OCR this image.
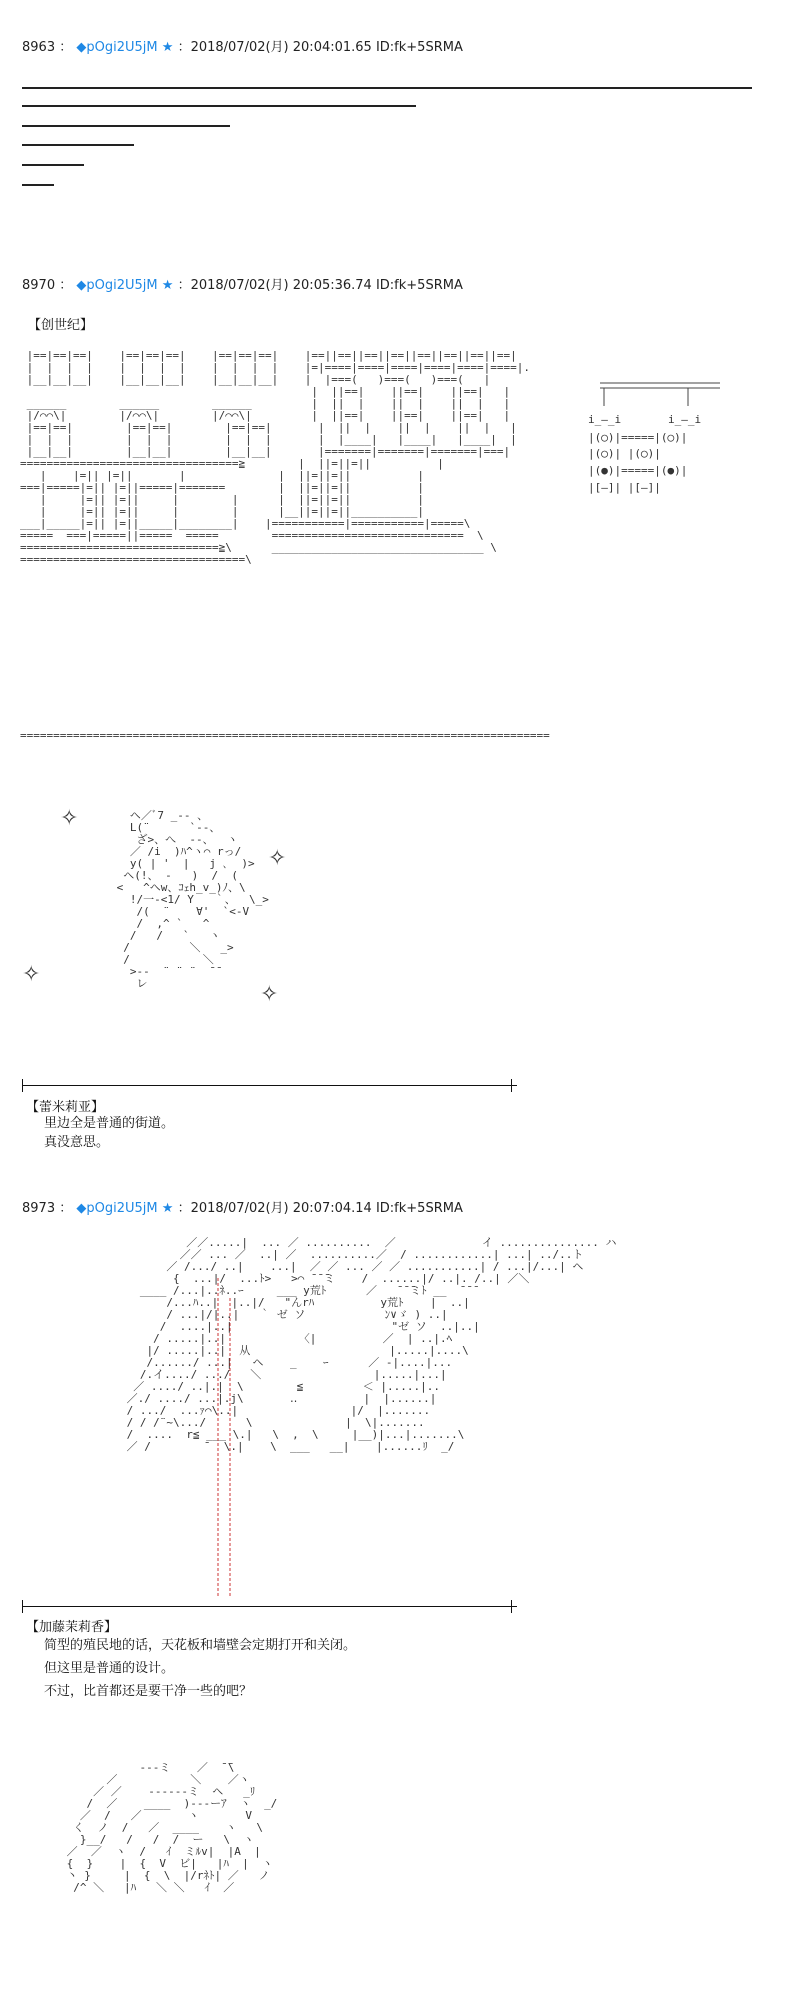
8963 ： ◆pOgi2U5jM ★ ：2018/07/02(月) 20:04:01.65 ID:fk+5SRMA
8970 ： ◆pOgi2U5jM ★ ：2018/07/02(月) 20:05:36.74 ID:fk+5SRMA
【创世纪】
|==|==|==|    |==|==|==|    |==|==|==|    |==||==||==||==||==||==||==||==|
|  |  |  |    |  |  |  |    |  |  |  |    |=|====|====|====|====|====|====|.
|__|__|__|    |__|__|__|    |__|__|__|    |  |===(   )===(   )===(   |
|  ||==|    ||==|    ||==|   |
______        ______        ______         |  ||  |    ||  |    ||  |   |
|/⌒⌒\|        |/⌒⌒\|        |/⌒⌒\|         |  ||==|    ||==|    ||==|   |
|==|==|        |==|==|        |==|==|       |  ||  |    ||  |    ||  |   |
|  |  |        |  |  |        |  |  |       |  |____|   |____|   |____|  |
|__|__|        |__|__|        |__|__|       |=======|=======|=======|===|
=================================≧        |  ||=||=||          |
|    |=|| |=||       |              |  ||=||=||          |
===|=====|=|| |=||=====|=======        |  ||=||=||          |
|     |=|| |=||     |        |      |  ||=||=||          |
|     |=|| |=||     |        |      |__||=||=||__________|
___|_____|=|| |=||_____|________|    |===========|===========|=====\
=====  ===|=====||=====  =====        =============================  \
==============================≧\      ________________________________ \
==================================\
i_—_i	i_—_i
|(◯)|=====|(◯)|
|(◯)| |(◯)|
|(●)|=====|(●)|
|[—]| |[—]|
================================================================================
✧
✧
✧
✧
ヘ／ﾞ7 _-- 、
L(¨      `--、
ざ>、へ  --、  ヽ
／ /i  )ﾊ^ヽ⌒ rっ/
y( | '  |   j ､  )>
ヘ(!、 -   )  /  (
<   ^ヘw、ｺｪh_v_)ﾉ、\
!/一-<1/ Y   ｀、  \_>
/(  ¨    ∀'  `<-V
/  ,^ `   ^
/   /   `   ヽ
/         ＼   _>
/           ＼
>--  ¨ ¨ ¨  ¯¯
レ
【蕾米莉亚】
里边全是普通的街道。
真没意思。
8973 ： ◆pOgi2U5jM ★ ：2018/07/02(月) 20:07:04.14 ID:fk+5SRMA
／／.....|  ... ／ ..........  ／             イ ............... ハ
／／ ... ／  ..| ／  ..........／  / ............| ...| ../..ト
／ /.../ ..|    ...|  ／ ／ ... ／ ／ ...........| / ...|/...| ヘ
{  ...|/  ...ﾄ>   >⌒ ̄ ̄ ̄ミ    /  ......|/ ..|. /..| ／＼
____ /...|..ﾈ..ｰ     ___ y荒ﾄ      ／   ̄ ̄ ̄ミﾄ __  ̄ ̄ ̄
/...ﾊ..|  |..|/   "んrﾊ          y荒ﾄ    |  ..|
/ ...|/|..|   ｀ ゼ ソ            ﾝ∨ゞ ) ..|
/  ....|..|                        "ゼ ソ  ..|..|
/ .....|..|           〈|          ／  | ..|.ﾍ
|/ .....|..|  从                     |.....|....\
/....../ ...|   ヘ    _    ｰ      ／ -|....|...
/.イ..../ .../   ＼                 |.....|...|
／ ..../ ..|.|  \        ≦         ＜ |.....|..
／./ ..../ ...|.j\       ‥          |  |......|
/ .../  ...ｧ⌒\..|                 |/  |.......
/ / /¨~\.../      \              |  \|.......
/  ....  r≦ ___ \.|   \  ,  \     |__)|...|.......\
／ /        ̄   \.|    \  ___   __|    |......ﾘ  _/
【加藤茉莉香】
简型的殖民地的话，天花板和墙壁会定期打开和关闭。
但这里是普通的设计。
不过，比首都还是要干净一些的吧？
---ミ    ／  ̄ ̄\
／           ＼    ／ヽ
／ ／    ------ミ  ヘ   _ﾘ
/  ／    ____  )---ーｱ  ヽ  _/
／  /   ／       ヽ       V
く  ノ  /   ／  ____    ヽ   \
}__/   /   /  /  ー   \  ヽ
／  ／  ヽ  /   ｲ  ミﾙv|  |A  |
{  }    |  {  V  ビ|   |ﾊ  |  ヽ
丶 }     |  {  \  |/rﾈﾄ| ／   ノ
/^ ＼   |ﾊ   ＼ ＼   ｲ  ／
